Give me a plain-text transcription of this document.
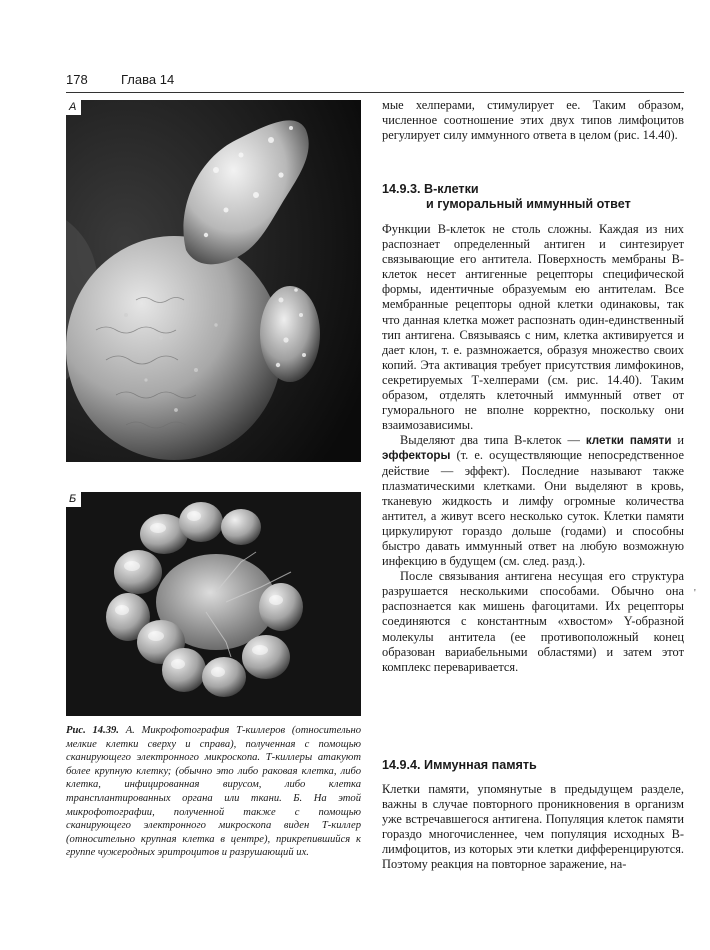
178	Глава 14
А
Б
Рис. 14.39. А. Микрофотография Т-киллеров (относительно мелкие клетки сверху и справа), полученная с помощью сканирующего электронного микроскопа. Т-киллеры атакуют более крупную клетку; (обычно это либо раковая клетка, либо клетка, инфицированная вирусом, либо клетка трансплантированных органа или ткани. Б. На этой микрофотографии, полученной также с помощью сканирующего электронного микроскопа виден Т-киллер (относительно крупная клетка в центре), прикрепившийся к группе чужеродных эритроцитов и разрушающий их.

мые хелперами, стимулирует ее. Таким образом, численное соотношение этих двух типов лимфоцитов регулирует силу иммунного ответа в целом (рис. 14.40).

14.9.3. В-клетки
и гуморальный иммунный ответ

Функции В-клеток не столь сложны. Каждая из них распознает определенный антиген и синтезирует связывающие его антитела. Поверхность мембраны В-клеток несет антигенные рецепторы специфической формы, идентичные образуемым ею антителам. Все мембранные рецепторы одной клетки одинаковы, так что данная клетка может распознать один-единственный тип антигена. Связываясь с ним, клетка активируется и дает клон, т. е. размножается, образуя множество своих копий. Эта активация требует присутствия лимфокинов, секретируемых Т-хелперами (см. рис. 14.40). Таким образом, отделять клеточный иммунный ответ от гуморального не вполне корректно, поскольку они взаимозависимы.

Выделяют два типа В-клеток — клетки памяти и эффекторы (т. е. осуществляющие непосредственное действие — эффект). Последние называют также плазматическими клетками. Они выделяют в кровь, тканевую жидкость и лимфу огромные количества антител, а живут всего несколько суток. Клетки памяти циркулируют гораздо дольше (годами) и способны быстро давать иммунный ответ на любую возможную инфекцию в будущем (см. след. разд.).

После связывания антигена несущая его структура разрушается несколькими способами. Обычно она распознается как мишень фагоцитами. Их рецепторы соединяются с константным «хвостом» Y-образной молекулы антитела (ее противоположный конец образован вариабельными областями) и затем этот комплекс переваривается.

14.9.4. Иммунная память

Клетки памяти, упомянутые в предыдущем разделе, важны в случае повторного проникновения в организм уже встречавшегося антигена. Популяция клеток памяти гораздо многочисленнее, чем популяция исходных В-лимфоцитов, из которых эти клетки дифференцируются. Поэтому реакция на повторное заражение, на-

'
